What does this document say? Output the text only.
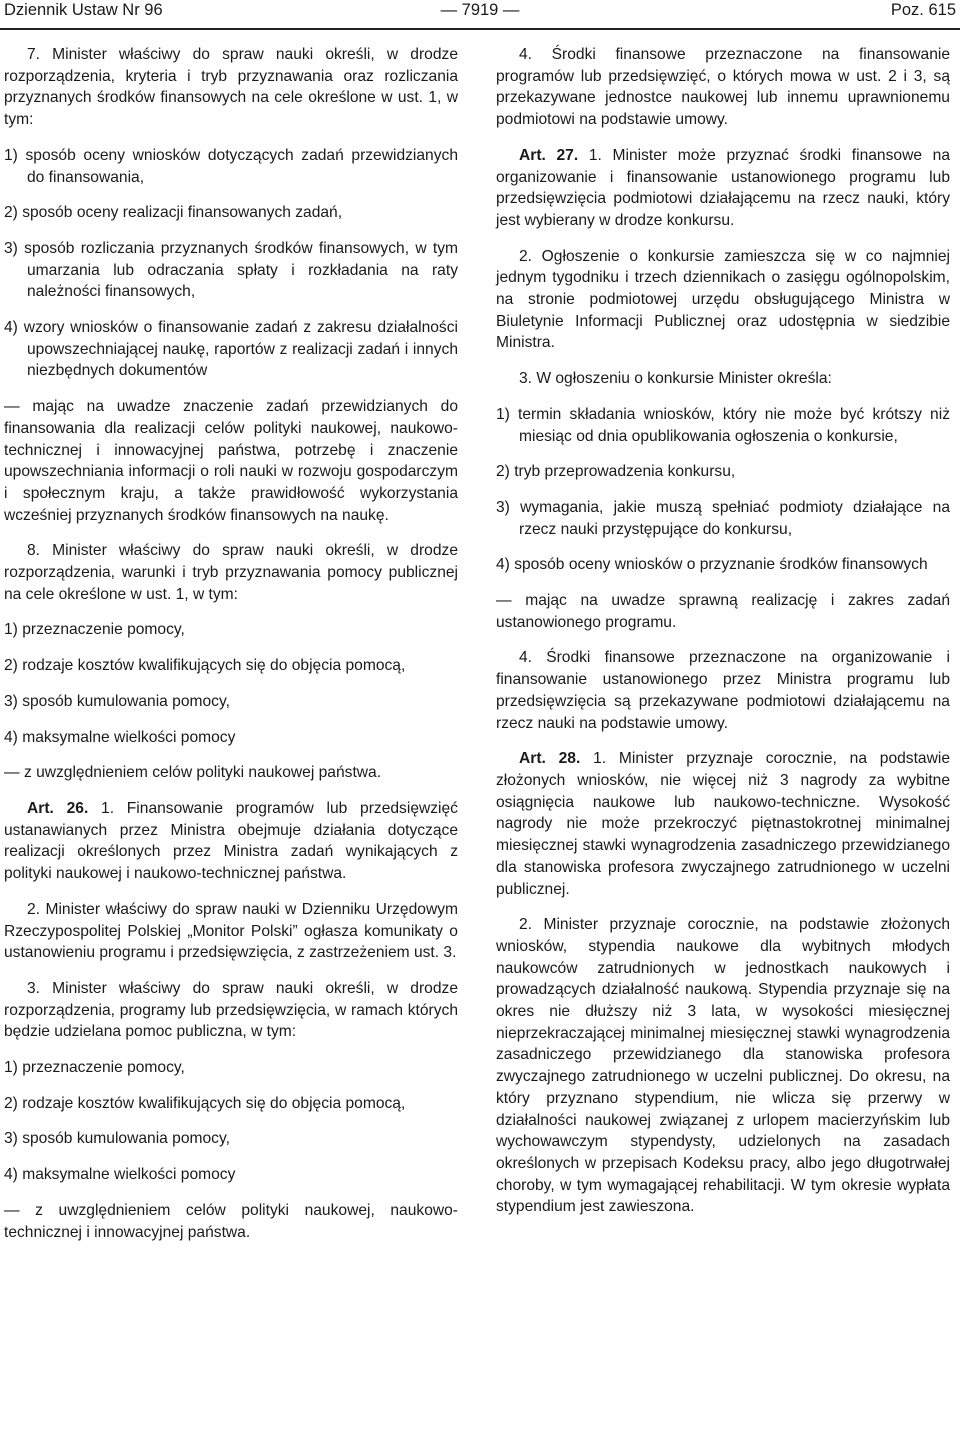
Dziennik Ustaw Nr 96	— 7919 —	Poz. 615

7. Minister właściwy do spraw nauki określi, w drodze rozporządzenia, kryteria i tryb przyznawania oraz rozliczania przyznanych środków finansowych na cele określone w ust. 1, w tym:

1) sposób oceny wniosków dotyczących zadań przewidzianych do finansowania,

2) sposób oceny realizacji finansowanych zadań,

3) sposób rozliczania przyznanych środków finansowych, w tym umarzania lub odraczania spłaty i rozkładania na raty należności finansowych,

4) wzory wniosków o finansowanie zadań z zakresu działalności upowszechniającej naukę, raportów z realizacji zadań i innych niezbędnych dokumentów

— mając na uwadze znaczenie zadań przewidzianych do finansowania dla realizacji celów polityki naukowej, naukowo-technicznej i innowacyjnej państwa, potrzebę i znaczenie upowszechniania informacji o roli nauki w rozwoju gospodarczym i społecznym kraju, a także prawidłowość wykorzystania wcześniej przyznanych środków finansowych na naukę.

8. Minister właściwy do spraw nauki określi, w drodze rozporządzenia, warunki i tryb przyznawania pomocy publicznej na cele określone w ust. 1, w tym:

1) przeznaczenie pomocy,

2) rodzaje kosztów kwalifikujących się do objęcia pomocą,

3) sposób kumulowania pomocy,

4) maksymalne wielkości pomocy

— z uwzględnieniem celów polityki naukowej państwa.

Art. 26. 1. Finansowanie programów lub przedsięwzięć ustanawianych przez Ministra obejmuje działania dotyczące realizacji określonych przez Ministra zadań wynikających z polityki naukowej i naukowo-technicznej państwa.

2. Minister właściwy do spraw nauki w Dzienniku Urzędowym Rzeczypospolitej Polskiej „Monitor Polski” ogłasza komunikaty o ustanowieniu programu i przedsięwzięcia, z zastrzeżeniem ust. 3.

3. Minister właściwy do spraw nauki określi, w drodze rozporządzenia, programy lub przedsięwzięcia, w ramach których będzie udzielana pomoc publiczna, w tym:

1) przeznaczenie pomocy,

2) rodzaje kosztów kwalifikujących się do objęcia pomocą,

3) sposób kumulowania pomocy,

4) maksymalne wielkości pomocy

— z uwzględnieniem celów polityki naukowej, naukowo-technicznej i innowacyjnej państwa.

4. Środki finansowe przeznaczone na finansowanie programów lub przedsięwzięć, o których mowa w ust. 2 i 3, są przekazywane jednostce naukowej lub innemu uprawnionemu podmiotowi na podstawie umowy.

Art. 27. 1. Minister może przyznać środki finansowe na organizowanie i finansowanie ustanowionego programu lub przedsięwzięcia podmiotowi działającemu na rzecz nauki, który jest wybierany w drodze konkursu.

2. Ogłoszenie o konkursie zamieszcza się w co najmniej jednym tygodniku i trzech dziennikach o zasięgu ogólnopolskim, na stronie podmiotowej urzędu obsługującego Ministra w Biuletynie Informacji Publicznej oraz udostępnia w siedzibie Ministra.

3. W ogłoszeniu o konkursie Minister określa:

1) termin składania wniosków, który nie może być krótszy niż miesiąc od dnia opublikowania ogłoszenia o konkursie,

2) tryb przeprowadzenia konkursu,

3) wymagania, jakie muszą spełniać podmioty działające na rzecz nauki przystępujące do konkursu,

4) sposób oceny wniosków o przyznanie środków finansowych

— mając na uwadze sprawną realizację i zakres zadań ustanowionego programu.

4. Środki finansowe przeznaczone na organizowanie i finansowanie ustanowionego przez Ministra programu lub przedsięwzięcia są przekazywane podmiotowi działającemu na rzecz nauki na podstawie umowy.

Art. 28. 1. Minister przyznaje corocznie, na podstawie złożonych wniosków, nie więcej niż 3 nagrody za wybitne osiągnięcia naukowe lub naukowo-techniczne. Wysokość nagrody nie może przekroczyć piętnastokrotnej minimalnej miesięcznej stawki wynagrodzenia zasadniczego przewidzianego dla stanowiska profesora zwyczajnego zatrudnionego w uczelni publicznej.

2. Minister przyznaje corocznie, na podstawie złożonych wniosków, stypendia naukowe dla wybitnych młodych naukowców zatrudnionych w jednostkach naukowych i prowadzących działalność naukową. Stypendia przyznaje się na okres nie dłuższy niż 3 lata, w wysokości miesięcznej nieprzekraczającej minimalnej miesięcznej stawki wynagrodzenia zasadniczego przewidzianego dla stanowiska profesora zwyczajnego zatrudnionego w uczelni publicznej. Do okresu, na który przyznano stypendium, nie wlicza się przerwy w działalności naukowej związanej z urlopem macierzyńskim lub wychowawczym stypendysty, udzielonych na zasadach określonych w przepisach Kodeksu pracy, albo jego długotrwałej choroby, w tym wymagającej rehabilitacji. W tym okresie wypłata stypendium jest zawieszona.
